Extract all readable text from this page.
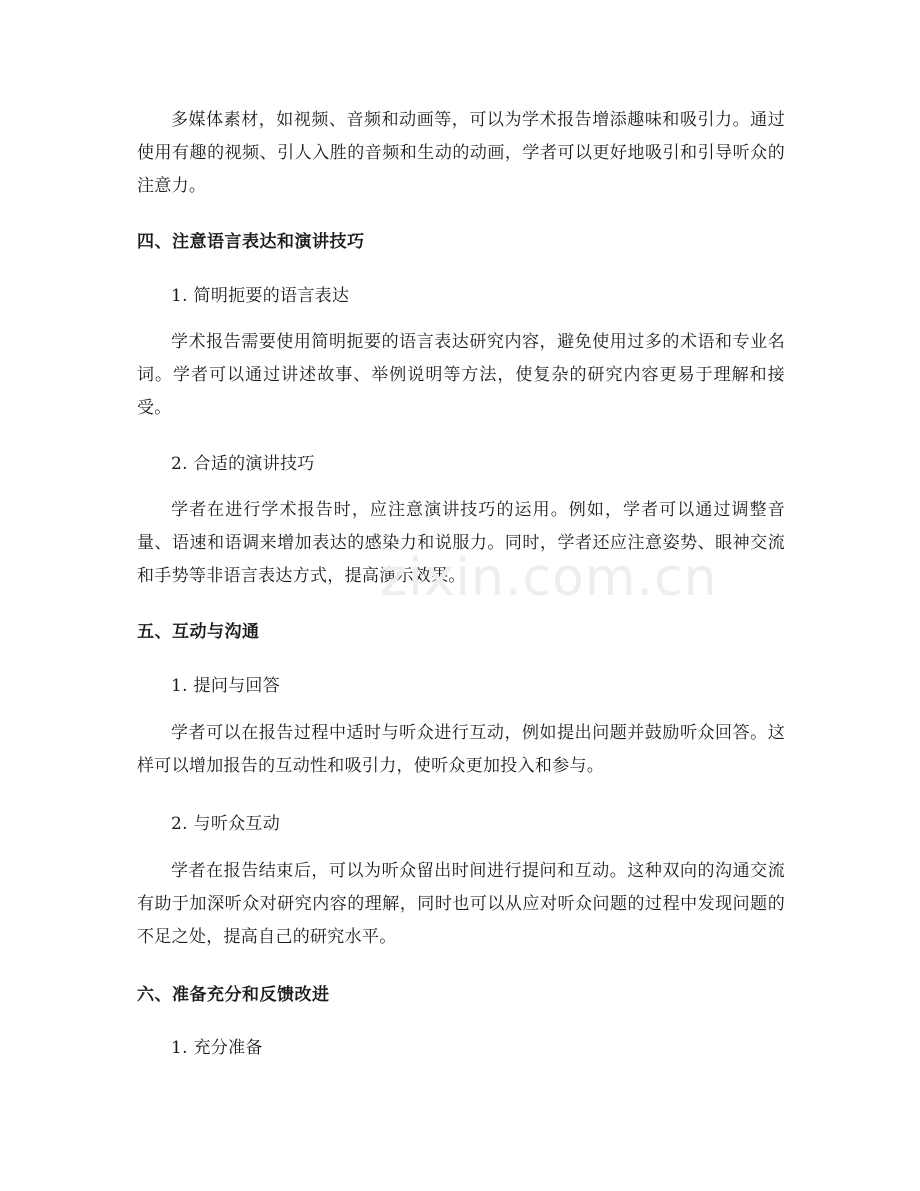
多媒体素材，如视频、音频和动画等，可以为学术报告增添趣味和吸引力。通过使用有趣的视频、引人入胜的音频和生动的动画，学者可以更好地吸引和引导听众的注意力。

四、注意语言表达和演讲技巧
1. 简明扼要的语言表达

学术报告需要使用简明扼要的语言表达研究内容，避免使用过多的术语和专业名词。学者可以通过讲述故事、举例说明等方法，使复杂的研究内容更易于理解和接受。

2. 合适的演讲技巧

学者在进行学术报告时，应注意演讲技巧的运用。例如，学者可以通过调整音量、语速和语调来增加表达的感染力和说服力。同时，学者还应注意姿势、眼神交流和手势等非语言表达方式，提高演示效果。

五、互动与沟通
1. 提问与回答

学者可以在报告过程中适时与听众进行互动，例如提出问题并鼓励听众回答。这样可以增加报告的互动性和吸引力，使听众更加投入和参与。

2. 与听众互动

学者在报告结束后，可以为听众留出时间进行提问和互动。这种双向的沟通交流有助于加深听众对研究内容的理解，同时也可以从应对听众问题的过程中发现问题的不足之处，提高自己的研究水平。

六、准备充分和反馈改进
1. 充分准备
zixin.com.cn
